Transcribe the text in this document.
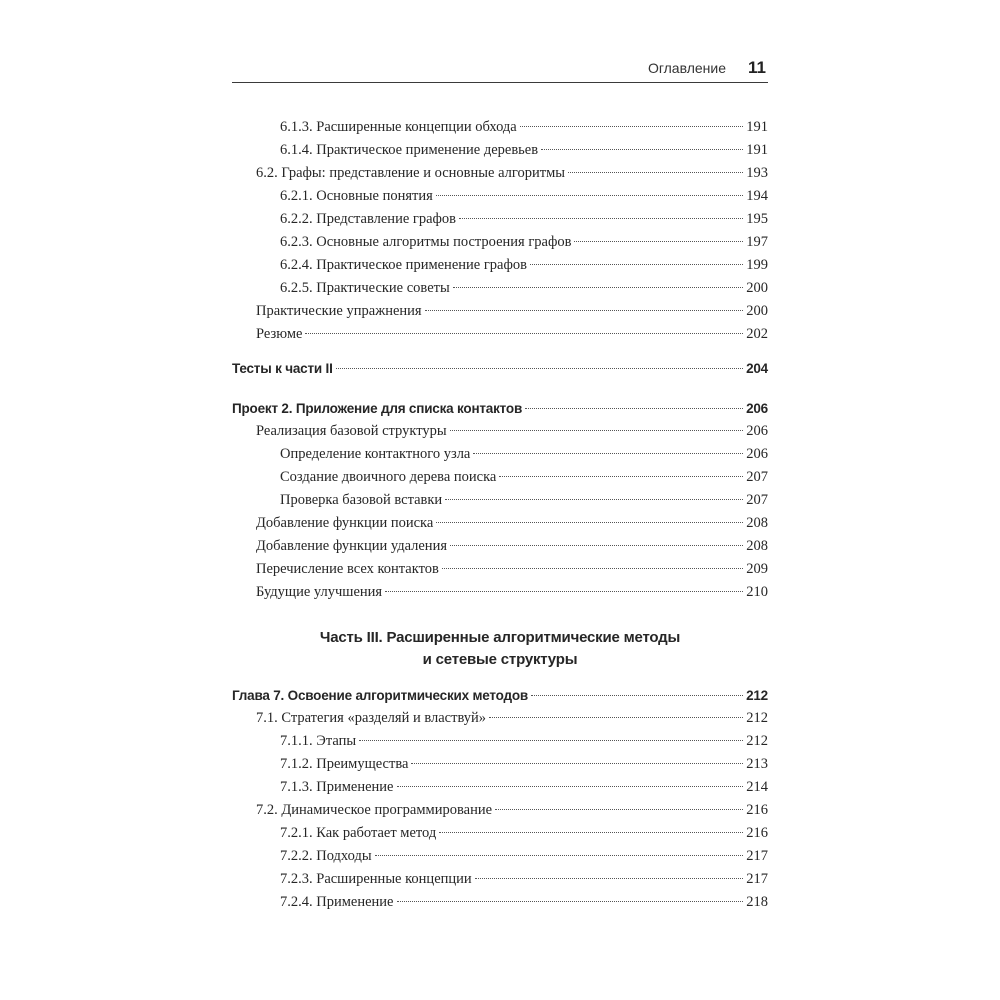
Оглавление 11
6.1.3. Расширенные концепции обхода	191
6.1.4. Практическое применение деревьев	191
6.2. Графы: представление и основные алгоритмы	193
6.2.1. Основные понятия	194
6.2.2. Представление графов	195
6.2.3. Основные алгоритмы построения графов	197
6.2.4. Практическое применение графов	199
6.2.5. Практические советы	200
Практические упражнения	200
Резюме	202
Тесты к части II	204
Проект 2. Приложение для списка контактов	206
Реализация базовой структуры	206
Определение контактного узла	206
Создание двоичного дерева поиска	207
Проверка базовой вставки	207
Добавление функции поиска	208
Добавление функции удаления	208
Перечисление всех контактов	209
Будущие улучшения	210
Часть III. Расширенные алгоритмические методы
и сетевые структуры
Глава 7. Освоение алгоритмических методов	212
7.1. Стратегия «разделяй и властвуй»	212
7.1.1. Этапы	212
7.1.2. Преимущества	213
7.1.3. Применение	214
7.2. Динамическое программирование	216
7.2.1. Как работает метод	216
7.2.2. Подходы	217
7.2.3. Расширенные концепции	217
7.2.4. Применение	218
